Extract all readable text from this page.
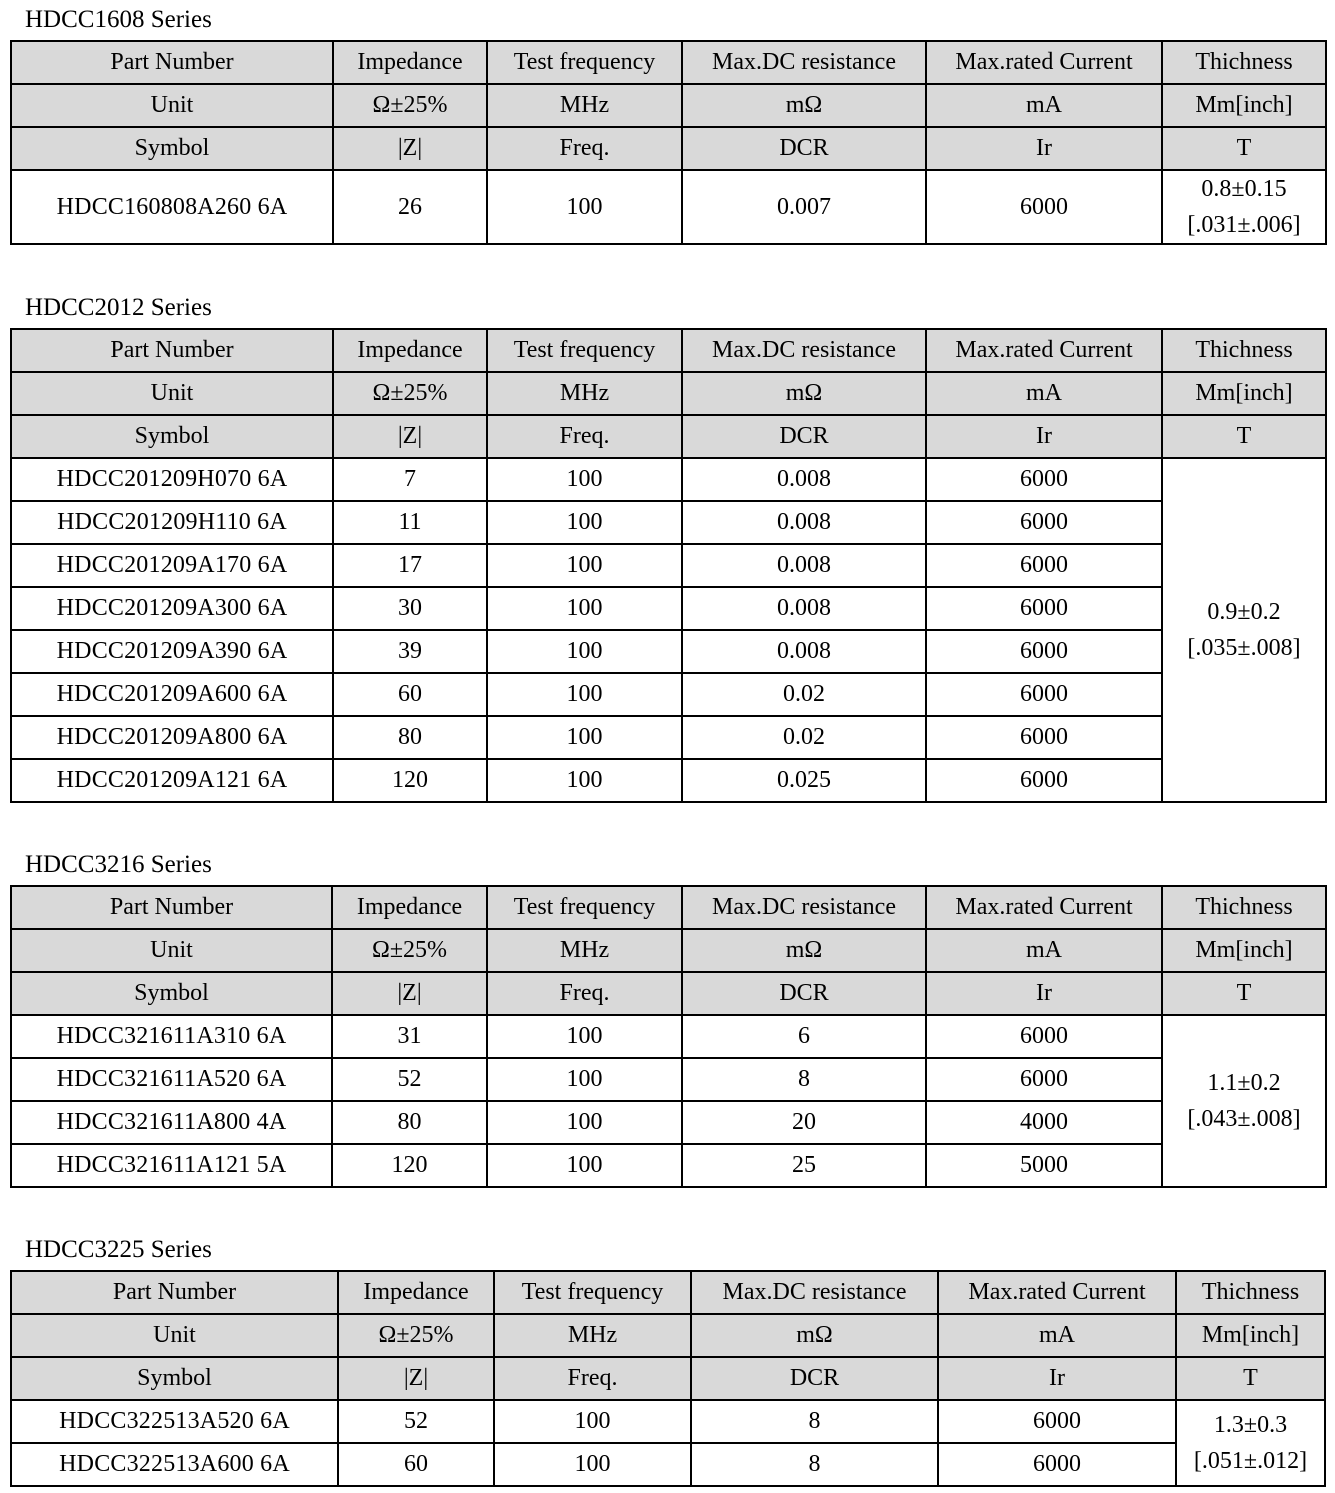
HDCC1608 Series
Part Number	Impedance	Test frequency	Max.DC resistance	Max.rated Current	Thichness
Unit	Ω±25%	MHz	mΩ	mA	Mm[inch]
Symbol	|Z|	Freq.	DCR	Ir	T
HDCC160808A260 6A	26	100	0.007	6000	0.8±0.15
[.031±.006]
HDCC2012 Series
Part Number	Impedance	Test frequency	Max.DC resistance	Max.rated Current	Thichness
Unit	Ω±25%	MHz	mΩ	mA	Mm[inch]
Symbol	|Z|	Freq.	DCR	Ir	T
HDCC201209H070 6A	7	100	0.008	6000	0.9±0.2
[.035±.008]

HDCC201209H110 6A	11	100	0.008	6000	
HDCC201209A170 6A	17	100	0.008	6000	
HDCC201209A300 6A	30	100	0.008	6000	
HDCC201209A390 6A	39	100	0.008	6000	
HDCC201209A600 6A	60	100	0.02	6000	
HDCC201209A800 6A	80	100	0.02	6000	
HDCC201209A121 6A	120	100	0.025	6000	
HDCC3216 Series
Part Number	Impedance	Test frequency	Max.DC resistance	Max.rated Current	Thichness
Unit	Ω±25%	MHz	mΩ	mA	Mm[inch]
Symbol	|Z|	Freq.	DCR	Ir	T
HDCC321611A310 6A	31	100	6	6000	1.1±0.2
[.043±.008]

HDCC321611A520 6A	52	100	8	6000	
HDCC321611A800 4A	80	100	20	4000	
HDCC321611A121 5A	120	100	25	5000	
HDCC3225 Series
Part Number	Impedance	Test frequency	Max.DC resistance	Max.rated Current	Thichness
Unit	Ω±25%	MHz	mΩ	mA	Mm[inch]
Symbol	|Z|	Freq.	DCR	Ir	T
HDCC322513A520 6A	52	100	8	6000	1.3±0.3
[.051±.012]

HDCC322513A600 6A	60	100	8	6000	
